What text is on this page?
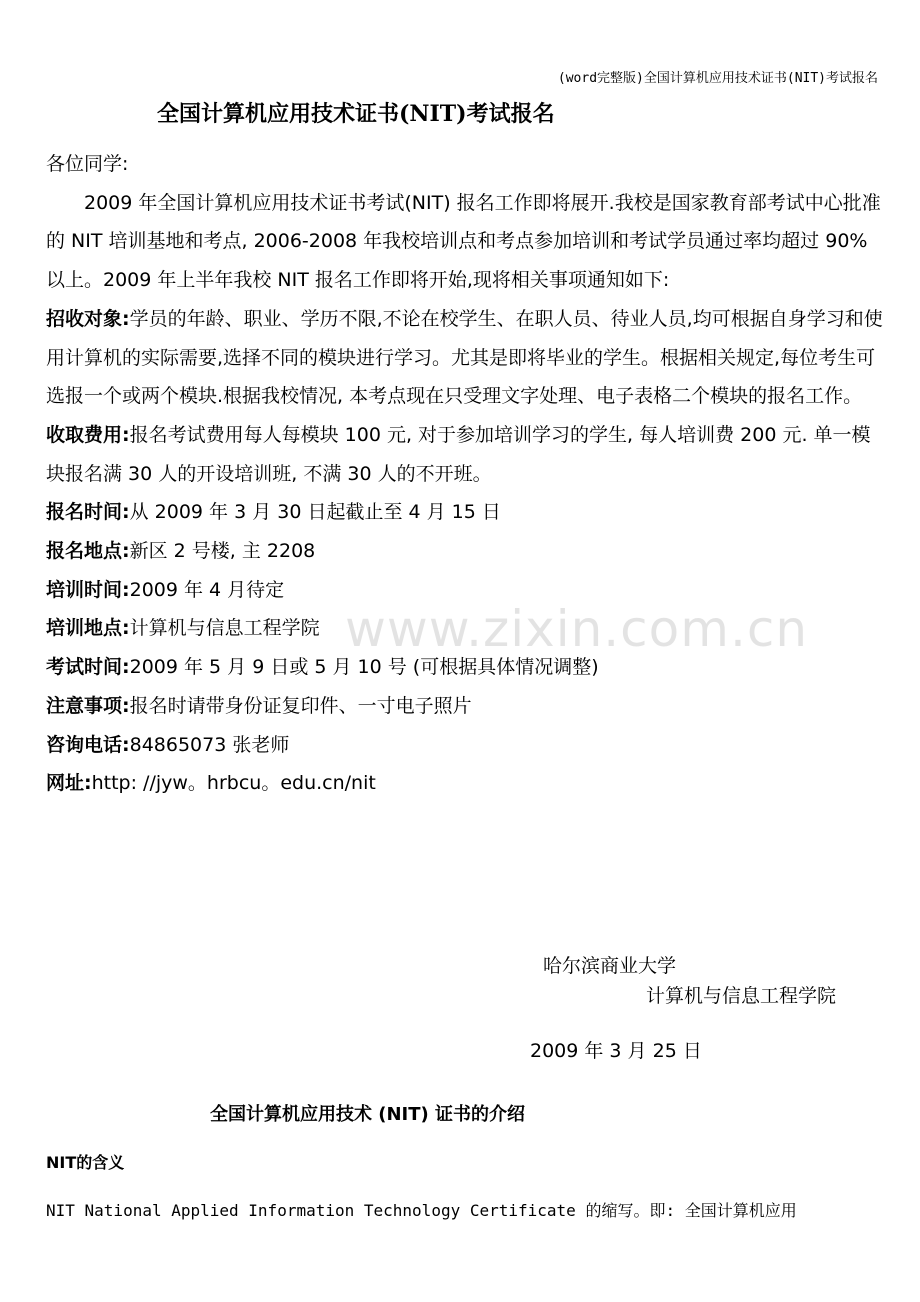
(word完整版)全国计算机应用技术证书(NIT)考试报名
全国计算机应用技术证书(NIT)考试报名

各位同学:

2009 年全国计算机应用技术证书考试(NIT) 报名工作即将展开.我校是国家教育部考试中心批准的 NIT 培训基地和考点, 2006-2008 年我校培训点和考点参加培训和考试学员通过率均超过 90%以上。2009 年上半年我校 NIT 报名工作即将开始,现将相关事项通知如下:

招收对象:学员的年龄、职业、学历不限,不论在校学生、在职人员、待业人员,均可根据自身学习和使用计算机的实际需要,选择不同的模块进行学习。尤其是即将毕业的学生。根据相关规定,每位考生可选报一个或两个模块.根据我校情况, 本考点现在只受理文字处理、电子表格二个模块的报名工作。

收取费用:报名考试费用每人每模块 100 元, 对于参加培训学习的学生, 每人培训费 200 元. 单一模块报名满 30 人的开设培训班, 不满 30 人的不开班。

报名时间:从 2009 年 3 月 30 日起截止至 4 月 15 日

报名地点:新区 2 号楼, 主 2208

培训时间:2009 年 4 月待定

培训地点:计算机与信息工程学院

考试时间:2009 年 5 月 9 日或 5 月 10 号 (可根据具体情况调整)

注意事项:报名时请带身份证复印件、一寸电子照片

咨询电话:84865073 张老师

网址:http: //jyw。hrbcu。edu.cn/nit

www.zixin.com.cn
哈尔滨商业大学
计算机与信息工程学院
2009 年 3 月 25 日
全国计算机应用技术 (NIT) 证书的介绍
NIT的含义
NIT National Applied Information Technology Certificate 的缩写。即: 全国计算机应用
